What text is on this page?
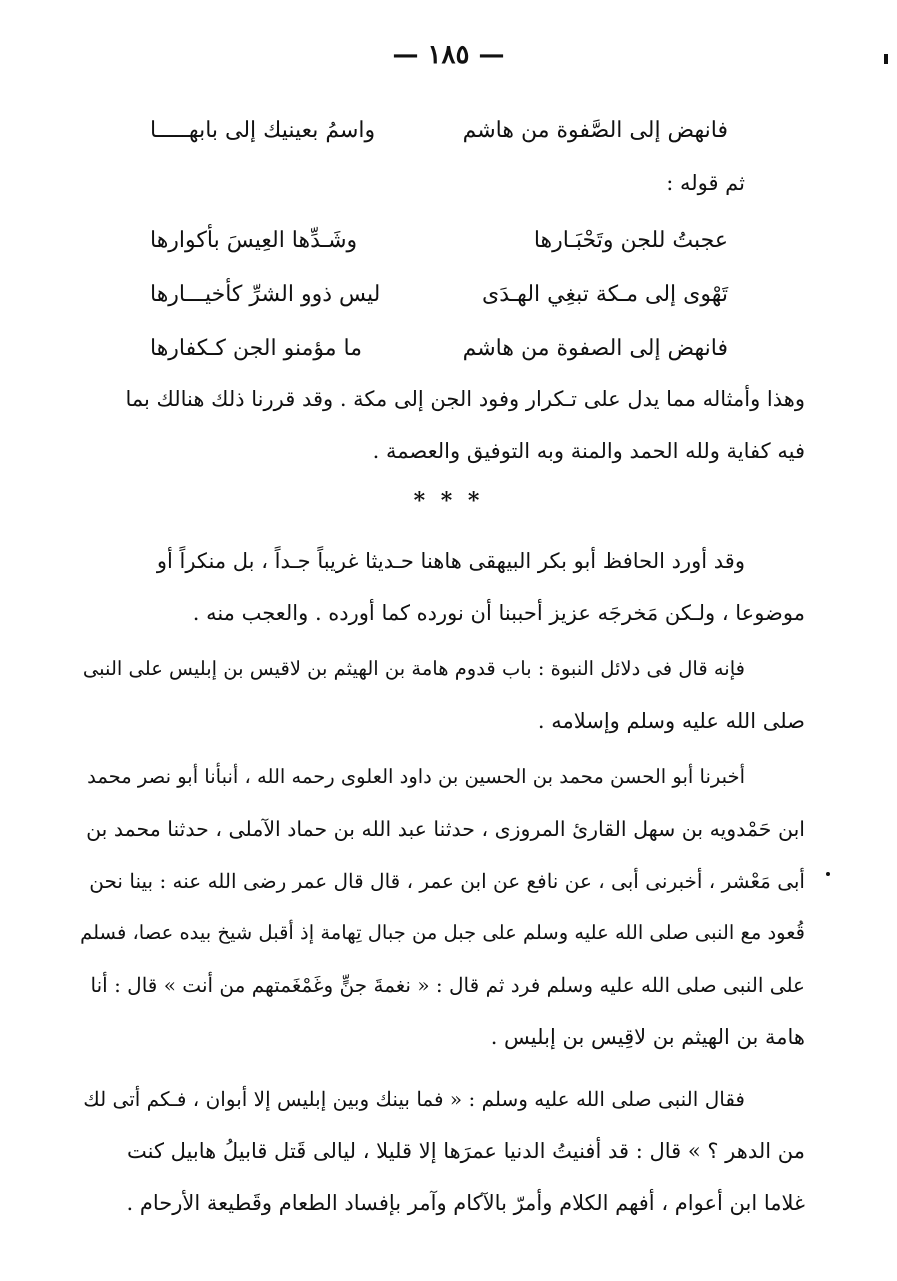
— ١٨٥ —
فانهض إلى الصَّفوة من هاشم
واسمُ بعينيك إلى بابهـــــا
ثم قوله :
عجبتُ للجن وتَحْبَـارها
وشَـدِّها العِيسَ بأكوارها
تَهْوى إلى مـكة تبغِي الهـدَى
ليس ذوو الشرِّ كأخيـــارها
فانهض إلى الصفوة من هاشم
ما مؤمنو الجن كـكفارها
وهذا وأمثاله مما يدل على تـكرار وفود الجن إلى مكة . وقد قررنا ذلك هنالك بما
فيه كفاية ولله الحمد والمنة وبه التوفيق والعصمة .
* * *
وقد أورد الحافظ أبو بكر البيهقى هاهنا حـديثا غريباً جـداً ، بل منكراً أو
موضوعا ، ولـكن مَخرجَه عزيز أحببنا أن نورده كما أورده . والعجب منه .
فإنه قال فى دلائل النبوة : باب قدوم هامة بن الهيثم بن لاقيس بن إبليس على النبى
صلى الله عليه وسلم وإسلامه .
أخبرنا أبو الحسن محمد بن الحسين بن داود العلوى رحمه الله ، أنبأنا أبو نصر محمد
ابن حَمْدويه بن سهل القارئ المروزى ، حدثنا عبد الله بن حماد الآملى ، حدثنا محمد بن
أبى مَعْشر ، أخبرنى أبى ، عن نافع عن ابن عمر ، قال قال عمر رضى الله عنه : بينا نحن
قُعود مع النبى صلى الله عليه وسلم على جبل من جبال تِهامة إذ أقبل شيخ بيده عصا، فسلم
على النبى صلى الله عليه وسلم فرد ثم قال : « نغمةَ جنٍّ وغَمْغَمتهم من أنت » قال : أنا
هامة بن الهيثم بن لاقِيس بن إبليس .
فقال النبى صلى الله عليه وسلم : « فما بينك وبين إبليس إلا أبوان ، فـكم أتى لك
من الدهر ؟ » قال : قد أفنيتُ الدنيا عمرَها إلا قليلا ، ليالى قَتل قابيلُ هابيل كنت
غلاما ابن أعوام ، أفهم الكلام وأمرّ بالآكام وآمر بإفساد الطعام وقَطيعة الأرحام .
